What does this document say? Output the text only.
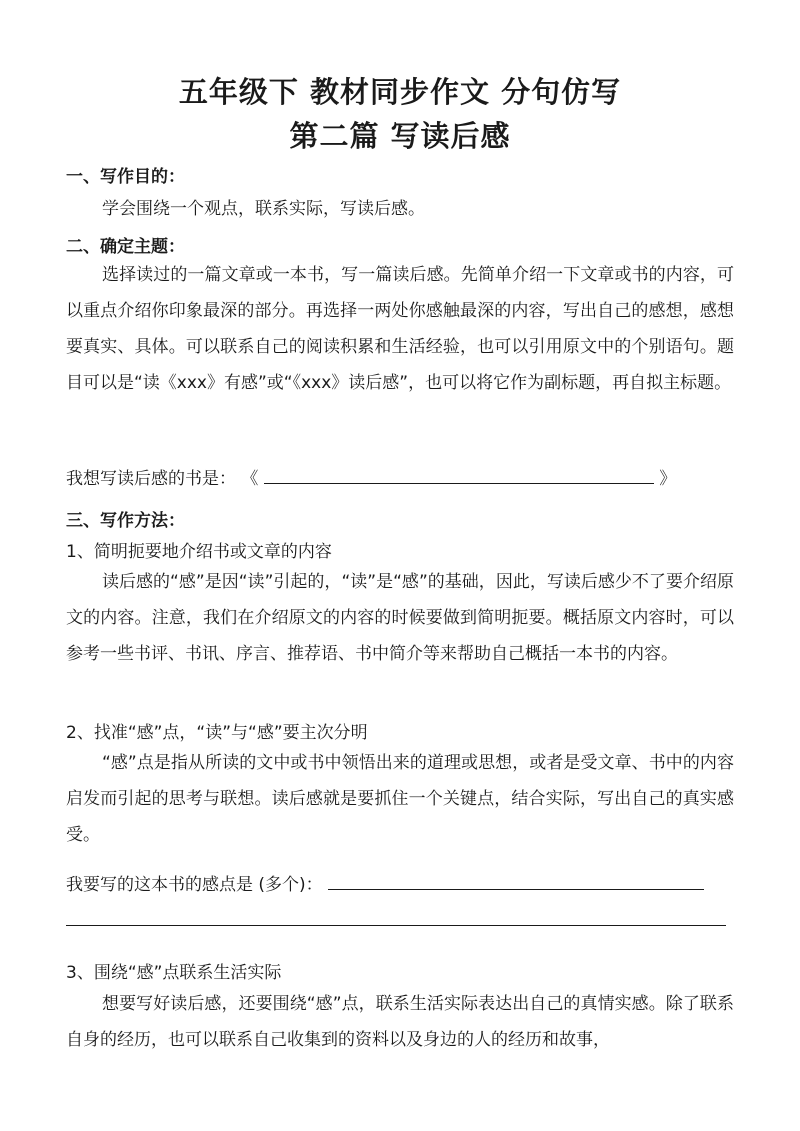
五年级下 教材同步作文 分句仿写
第二篇 写读后感
一、写作目的：
学会围绕一个观点，联系实际，写读后感。
二、确定主题：
选择读过的一篇文章或一本书，写一篇读后感。先简单介绍一下文章或书的内容，可以重点介绍你印象最深的部分。再选择一两处你感触最深的内容，写出自己的感想，感想要真实、具体。可以联系自己的阅读积累和生活经验，也可以引用原文中的个别语句。题目可以是“读《xxx》有感”或“《xxx》读后感”，也可以将它作为副标题，再自拟主标题。
我想写读后感的书是： 《	》
三、写作方法：
1、简明扼要地介绍书或文章的内容
读后感的“感”是因“读”引起的，“读”是“感”的基础，因此，写读后感少不了要介绍原文的内容。注意，我们在介绍原文的内容的时候要做到简明扼要。概括原文内容时，可以参考一些书评、书讯、序言、推荐语、书中简介等来帮助自己概括一本书的内容。
2、找准“感”点，“读”与“感”要主次分明
“感”点是指从所读的文中或书中领悟出来的道理或思想，或者是受文章、书中的内容启发而引起的思考与联想。读后感就是要抓住一个关键点，结合实际，写出自己的真实感受。
我要写的这本书的感点是 (多个)：
3、围绕“感”点联系生活实际
想要写好读后感，还要围绕“感”点，联系生活实际表达出自己的真情实感。除了联系自身的经历，也可以联系自己收集到的资料以及身边的人的经历和故事，
